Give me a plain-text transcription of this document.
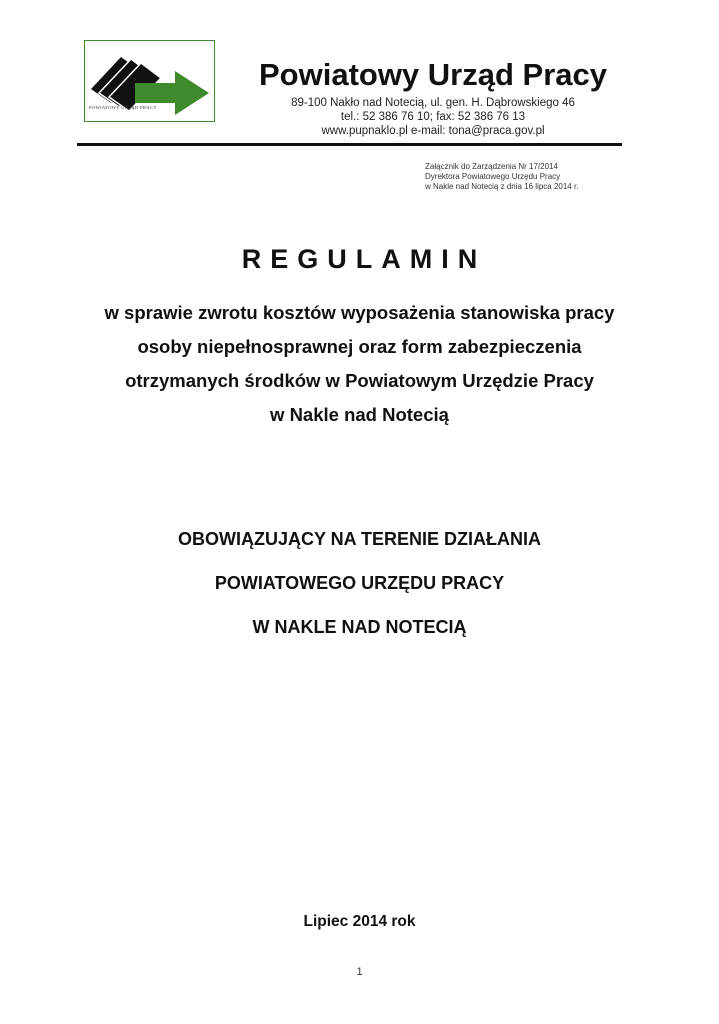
POWIATOWY URZĄD PRACY
Powiatowy Urząd Pracy
89-100 Nakło nad Notecią, ul. gen. H. Dąbrowskiego 46
tel.: 52 386 76 10; fax: 52 386 76 13
www.pupnaklo.pl e-mail: tona@praca.gov.pl
Załącznik do Zarządzenia Nr 17/2014
Dyrektora Powiatowego Urzędu Pracy
w Nakle nad Notecią z dnia 16 lipca 2014 r.
REGULAMIN
w sprawie zwrotu kosztów wyposażenia stanowiska pracy
osoby niepełnosprawnej oraz form zabezpieczenia
otrzymanych środków w Powiatowym Urzędzie Pracy
w Nakle nad Notecią
OBOWIĄZUJĄCY NA TERENIE DZIAŁANIA
POWIATOWEGO URZĘDU PRACY
W NAKLE NAD NOTECIĄ
Lipiec 2014 rok
1
